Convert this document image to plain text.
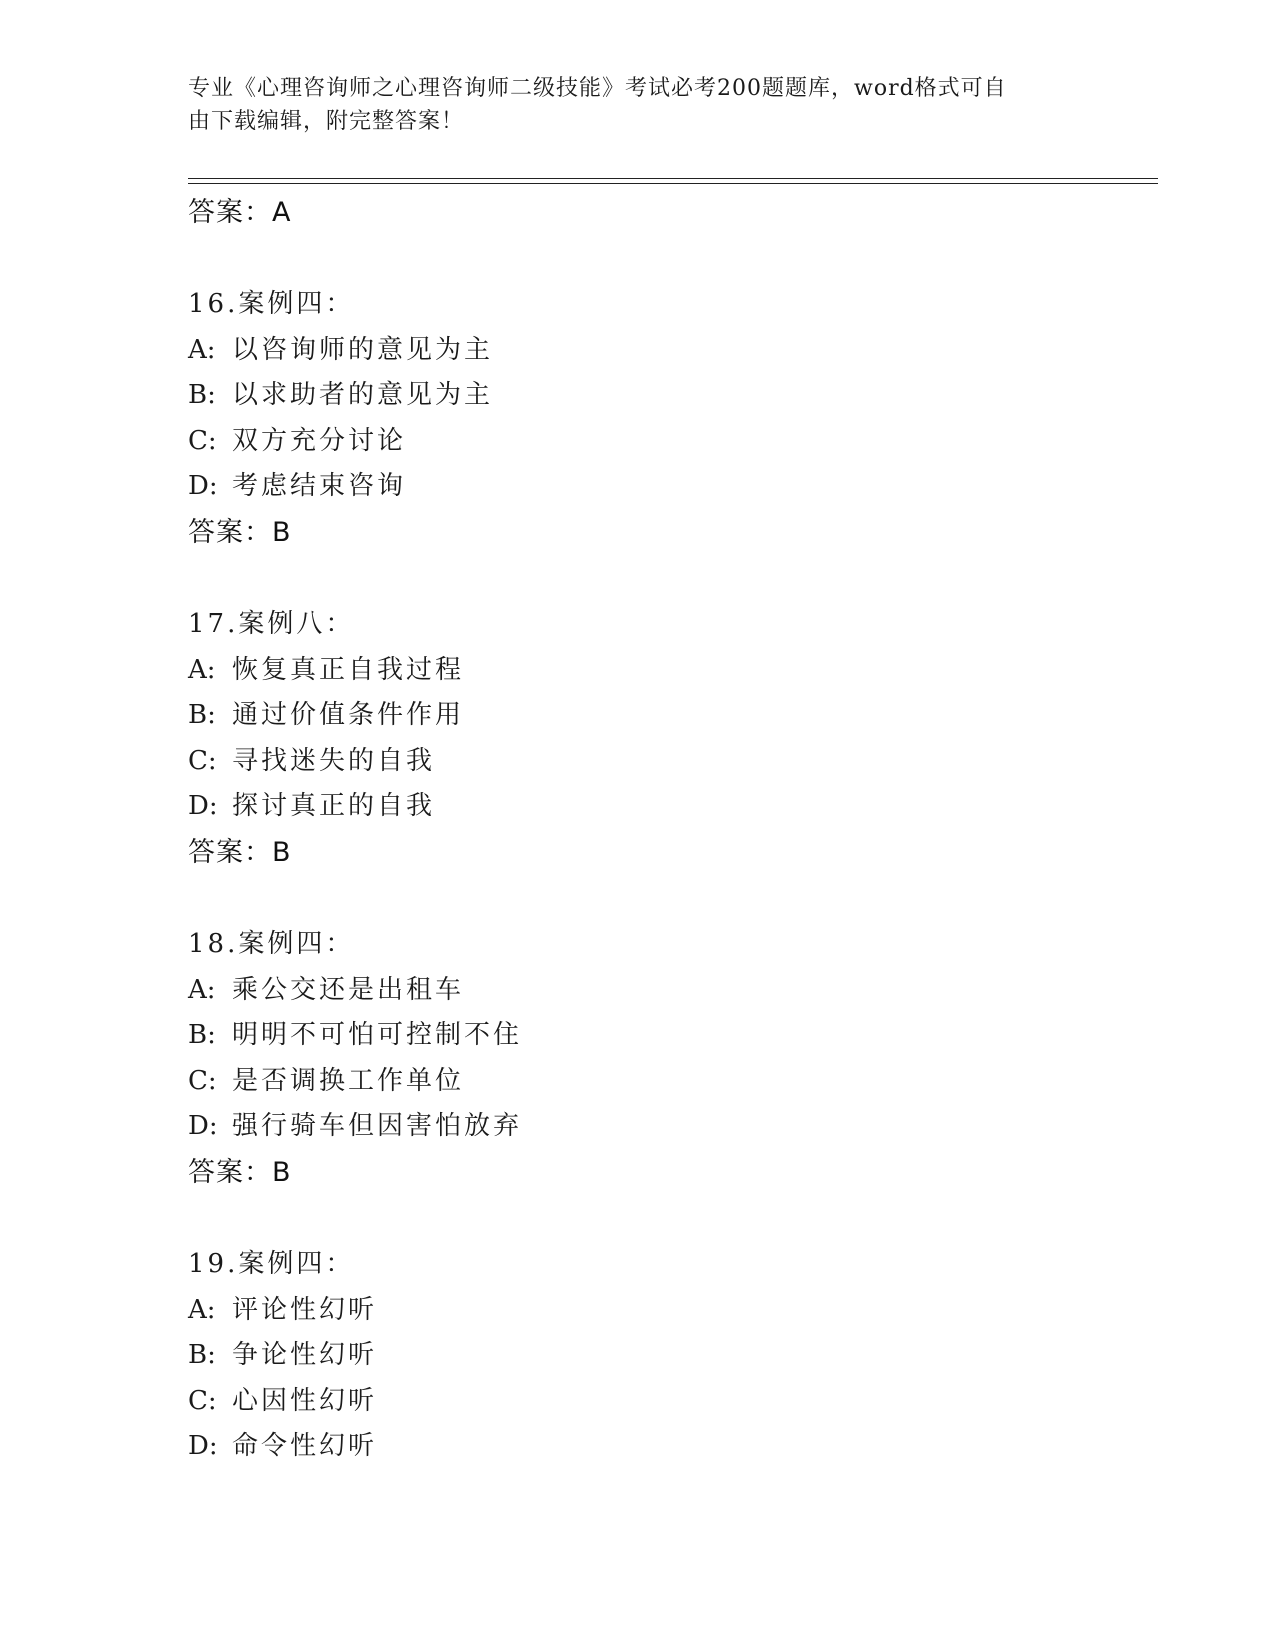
专业《心理咨询师之心理咨询师二级技能》考试必考200题题库，word格式可自
由下载编辑，附完整答案！
答案：A
16.案例四：
A: 以咨询师的意见为主
B: 以求助者的意见为主
C: 双方充分讨论
D: 考虑结束咨询
答案：B
17.案例八：
A: 恢复真正自我过程
B: 通过价值条件作用
C: 寻找迷失的自我
D: 探讨真正的自我
答案：B
18.案例四：
A: 乘公交还是出租车
B: 明明不可怕可控制不住
C: 是否调换工作单位
D: 强行骑车但因害怕放弃
答案：B
19.案例四：
A: 评论性幻听
B: 争论性幻听
C: 心因性幻听
D: 命令性幻听
